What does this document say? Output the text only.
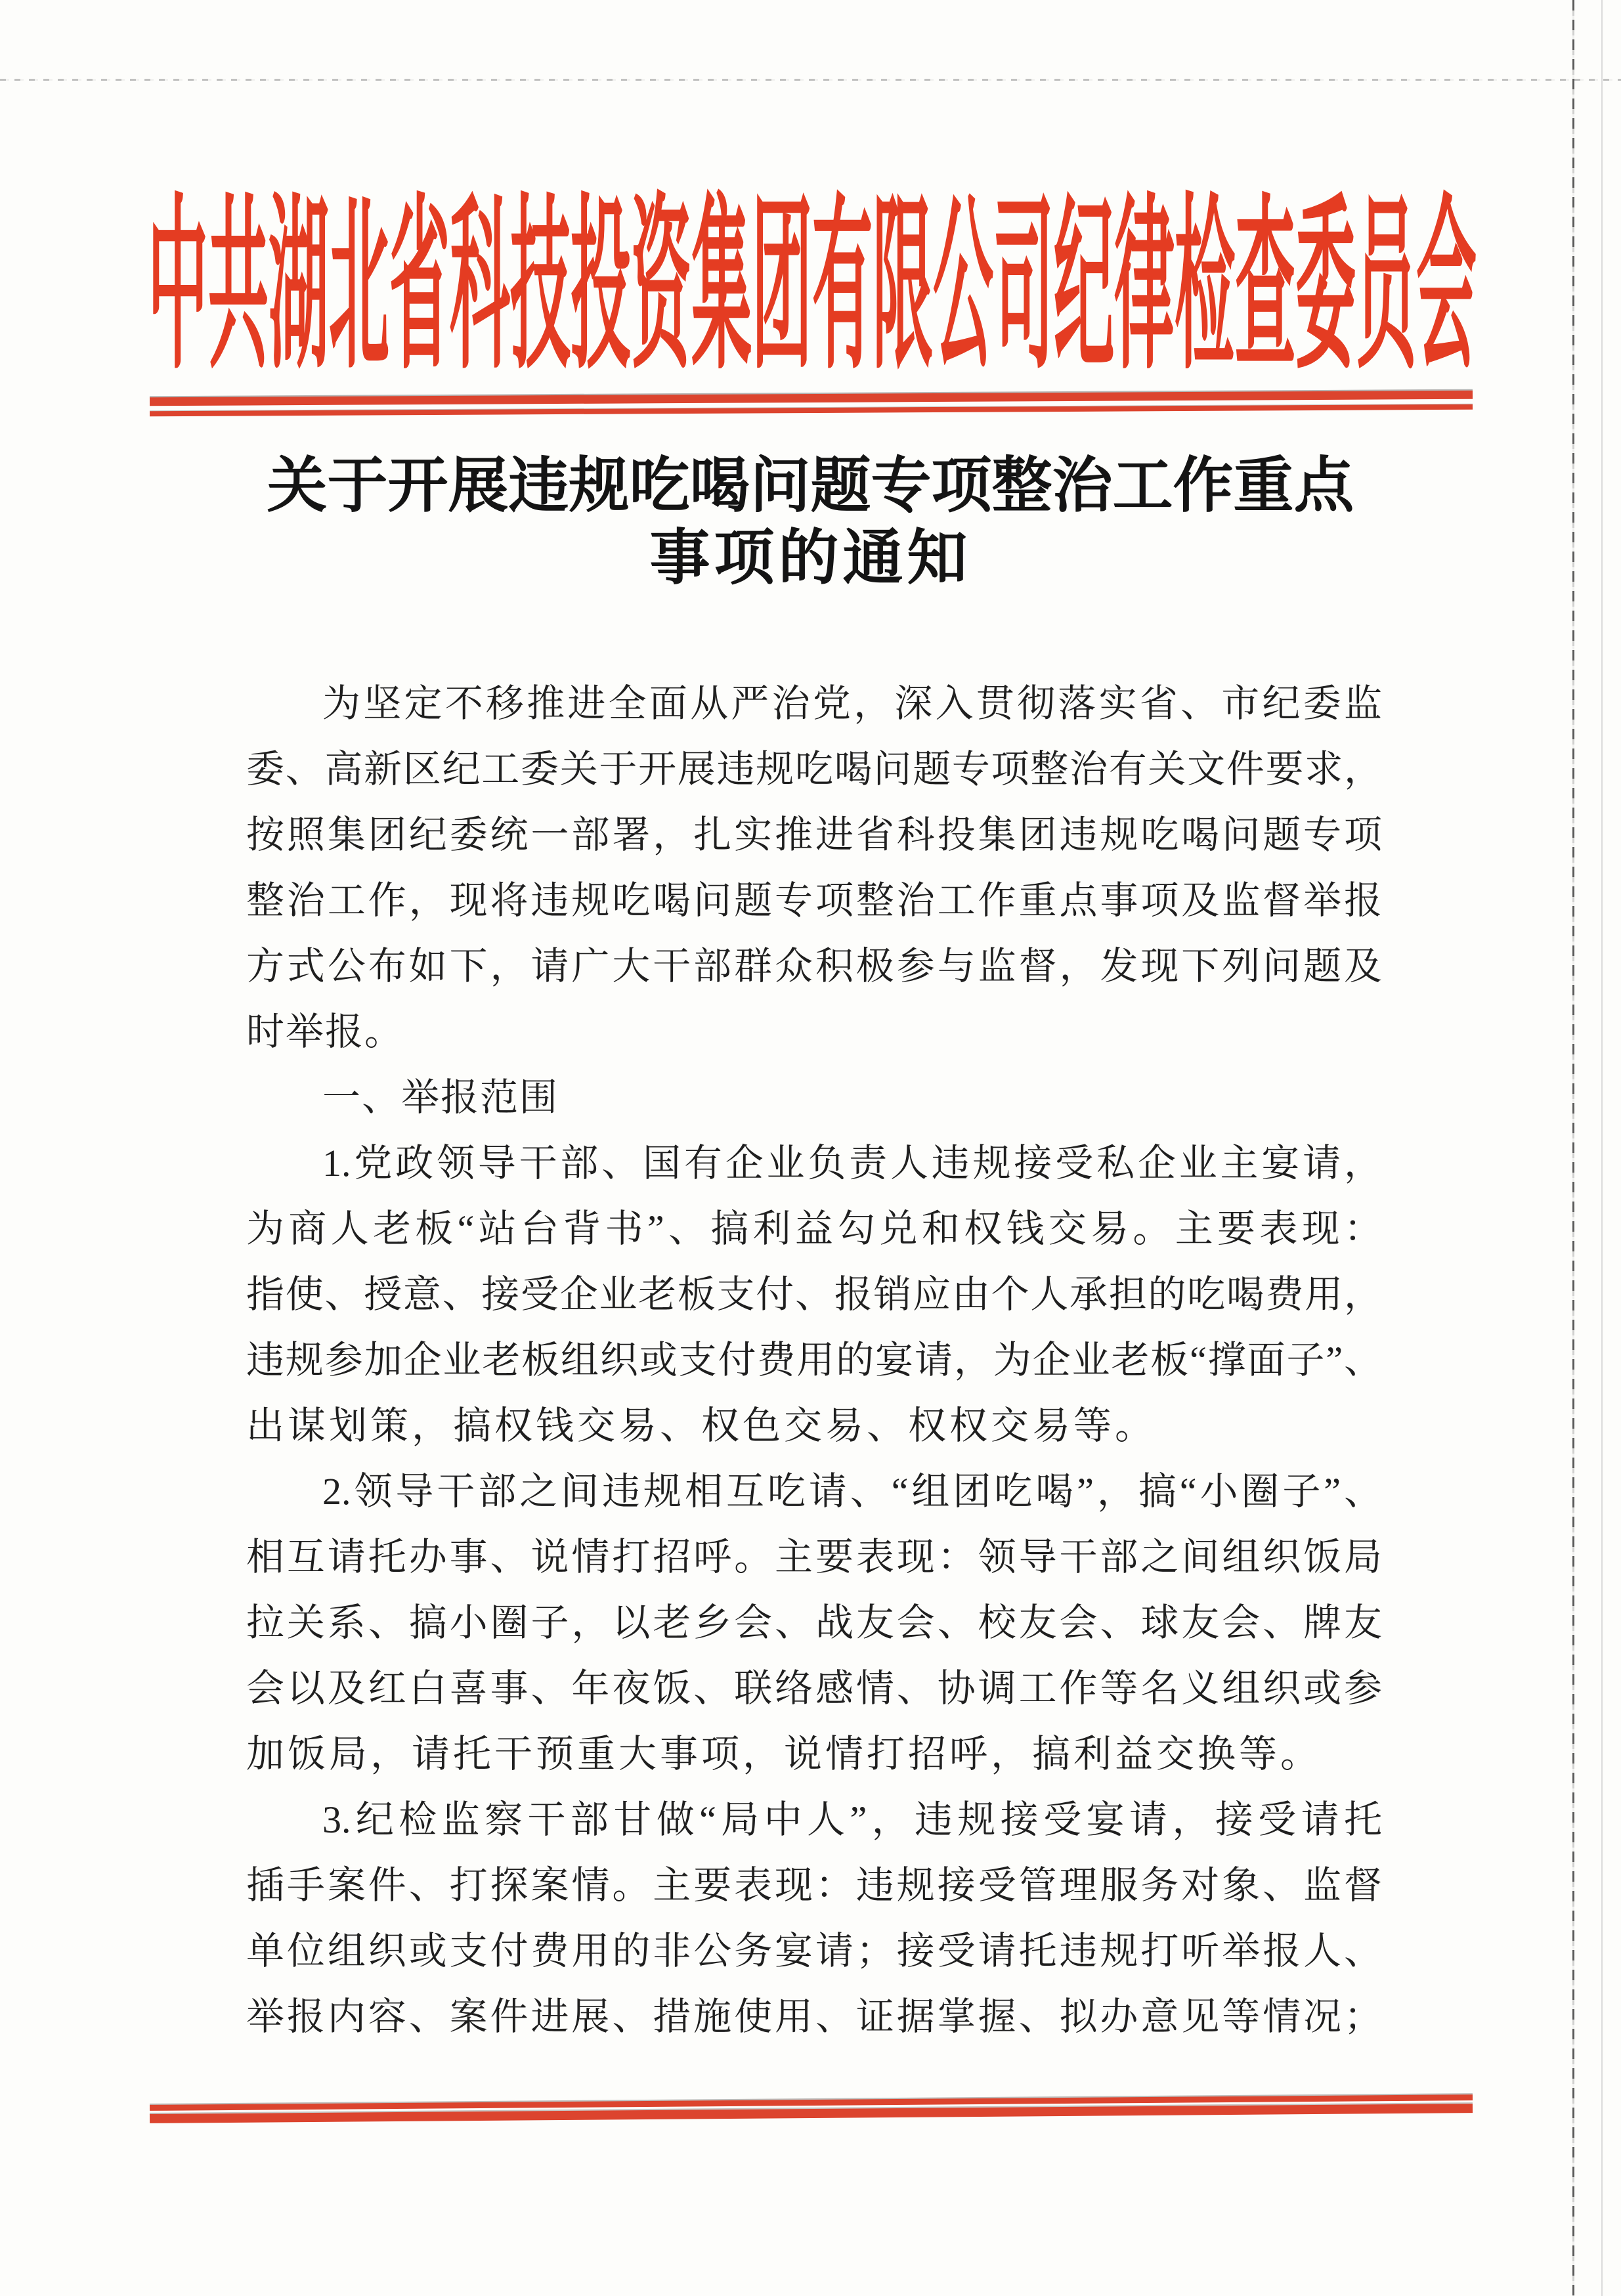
中共湖北省科技投资集团有限公司纪律检查委员会
关于开展违规吃喝问题专项整治工作重点
事项的通知
为坚定不移推进全面从严治党，深入贯彻落实省、市纪委监
委、高新区纪工委关于开展违规吃喝问题专项整治有关文件要求，
按照集团纪委统一部署，扎实推进省科投集团违规吃喝问题专项
整治工作，现将违规吃喝问题专项整治工作重点事项及监督举报
方式公布如下，请广大干部群众积极参与监督，发现下列问题及
时举报。
一、举报范围
1.党政领导干部、国有企业负责人违规接受私企业主宴请，
为商人老板“站台背书”、搞利益勾兑和权钱交易。主要表现：
指使、授意、接受企业老板支付、报销应由个人承担的吃喝费用，
违规参加企业老板组织或支付费用的宴请，为企业老板“撑面子”、
出谋划策，搞权钱交易、权色交易、权权交易等。
2.领导干部之间违规相互吃请、“组团吃喝”，搞“小圈子”、
相互请托办事、说情打招呼。主要表现：领导干部之间组织饭局
拉关系、搞小圈子，以老乡会、战友会、校友会、球友会、牌友
会以及红白喜事、年夜饭、联络感情、协调工作等名义组织或参
加饭局，请托干预重大事项，说情打招呼，搞利益交换等。
3.纪检监察干部甘做“局中人”，违规接受宴请，接受请托
插手案件、打探案情。主要表现：违规接受管理服务对象、监督
单位组织或支付费用的非公务宴请；接受请托违规打听举报人、
举报内容、案件进展、措施使用、证据掌握、拟办意见等情况；
